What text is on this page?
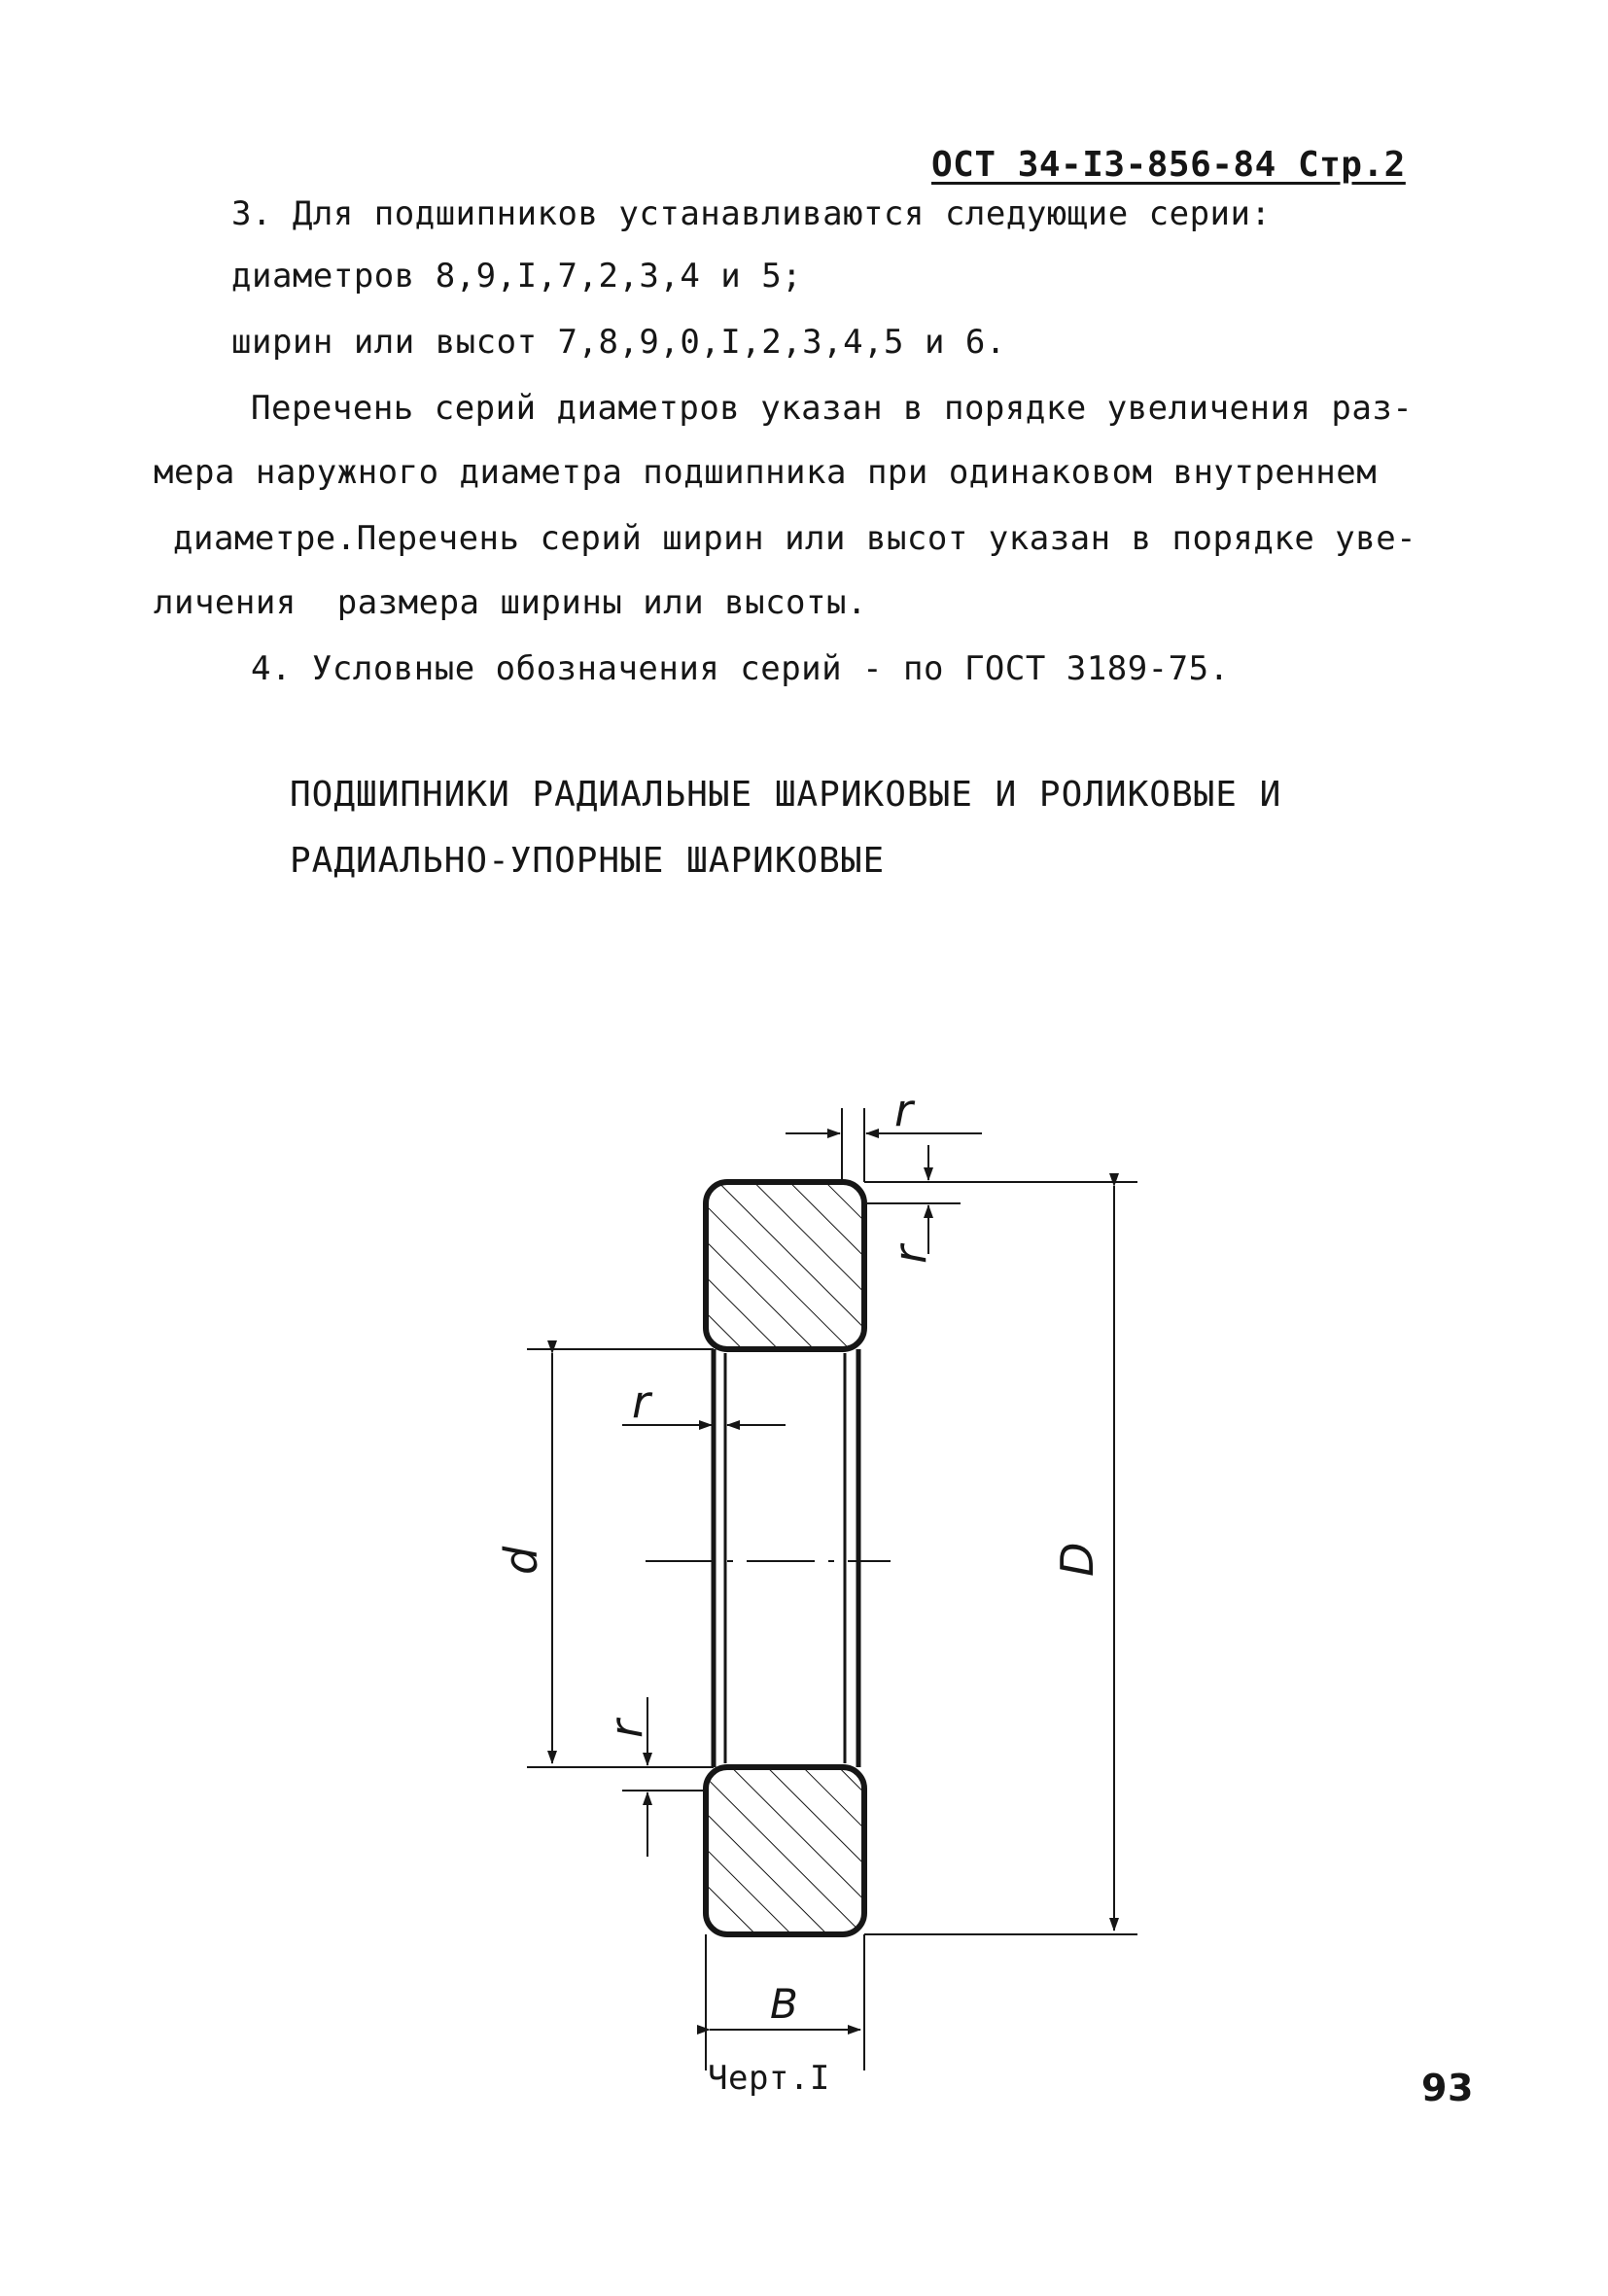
ОСТ 34-I3-856-84 Стр.2
3. Для подшипников устанавливаются следующие серии:
диаметров 8,9,I,7,2,3,4 и 5;
ширин или высот 7,8,9,0,I,2,3,4,5 и 6.
Перечень серий диаметров указан в порядке увеличения раз-
мера наружного диаметра подшипника при одинаковом внутреннем
диаметре.Перечень серий ширин или высот указан в порядке уве-
личения  размера ширины или высоты.
4. Условные обозначения серий - по ГОСТ 3189-75.
ПОДШИПНИКИ РАДИАЛЬНЫЕ ШАРИКОВЫЕ И РОЛИКОВЫЕ И
РАДИАЛЬНО-УПОРНЫЕ ШАРИКОВЫЕ
D
d
B
r
r
r
r
Черт.I	93
